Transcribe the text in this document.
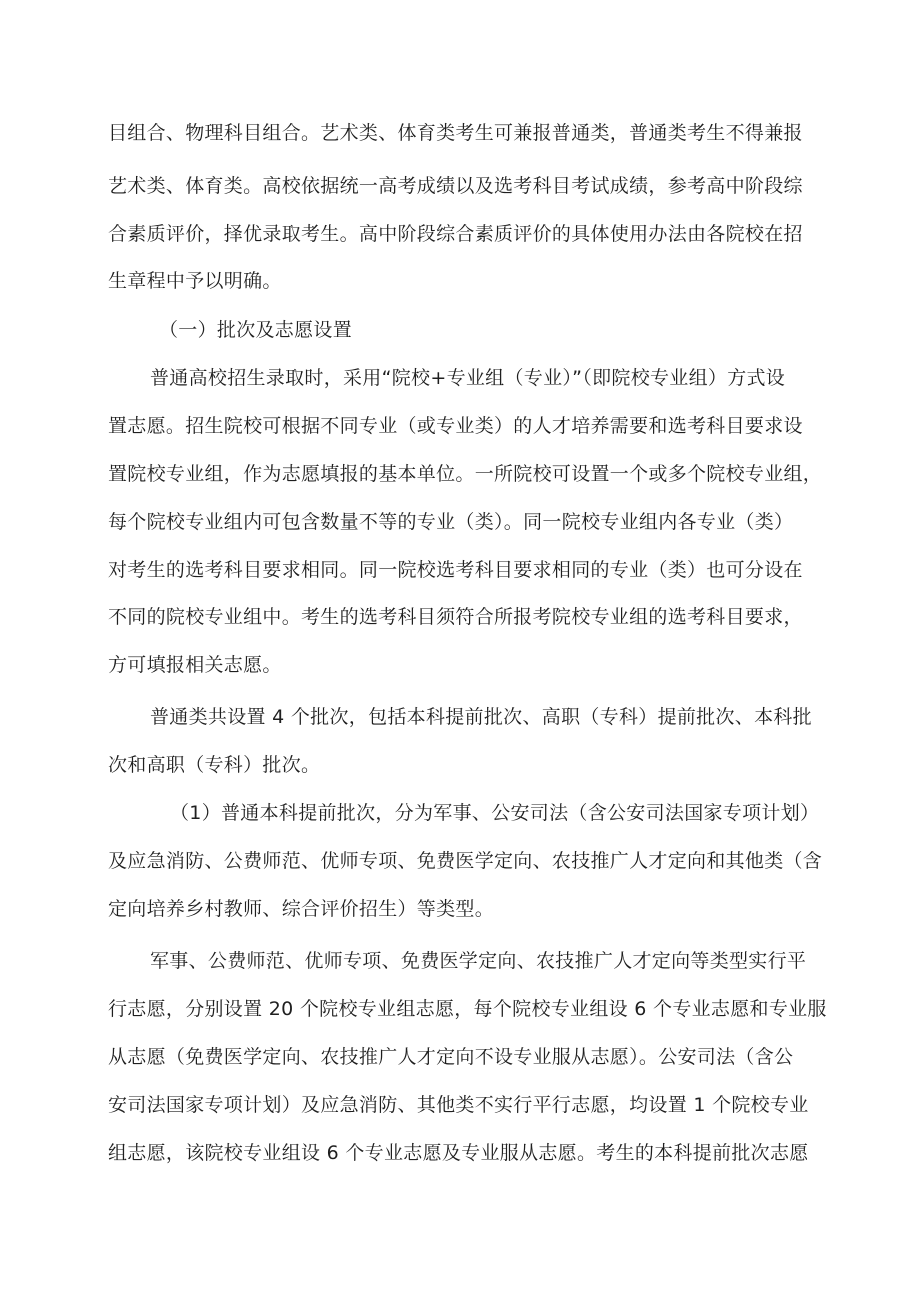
目组合、物理科目组合。艺术类、体育类考生可兼报普通类，普通类考生不得兼报
艺术类、体育类。高校依据统一高考成绩以及选考科目考试成绩，参考高中阶段综
合素质评价，择优录取考生。高中阶段综合素质评价的具体使用办法由各院校在招
生章程中予以明确。
（一）批次及志愿设置
普通高校招生录取时，采用“院校+专业组（专业）”（即院校专业组）方式设
置志愿。招生院校可根据不同专业（或专业类）的人才培养需要和选考科目要求设
置院校专业组，作为志愿填报的基本单位。一所院校可设置一个或多个院校专业组，
每个院校专业组内可包含数量不等的专业（类）。同一院校专业组内各专业（类）
对考生的选考科目要求相同。同一院校选考科目要求相同的专业（类）也可分设在
不同的院校专业组中。考生的选考科目须符合所报考院校专业组的选考科目要求，
方可填报相关志愿。
普通类共设置 4 个批次，包括本科提前批次、高职（专科）提前批次、本科批
次和高职（专科）批次。
（1）普通本科提前批次，分为军事、公安司法（含公安司法国家专项计划）
及应急消防、公费师范、优师专项、免费医学定向、农技推广人才定向和其他类（含
定向培养乡村教师、综合评价招生）等类型。
军事、公费师范、优师专项、免费医学定向、农技推广人才定向等类型实行平
行志愿，分别设置 20 个院校专业组志愿，每个院校专业组设 6 个专业志愿和专业服
从志愿（免费医学定向、农技推广人才定向不设专业服从志愿）。公安司法（含公
安司法国家专项计划）及应急消防、其他类不实行平行志愿，均设置 1 个院校专业
组志愿，该院校专业组设 6 个专业志愿及专业服从志愿。考生的本科提前批次志愿
